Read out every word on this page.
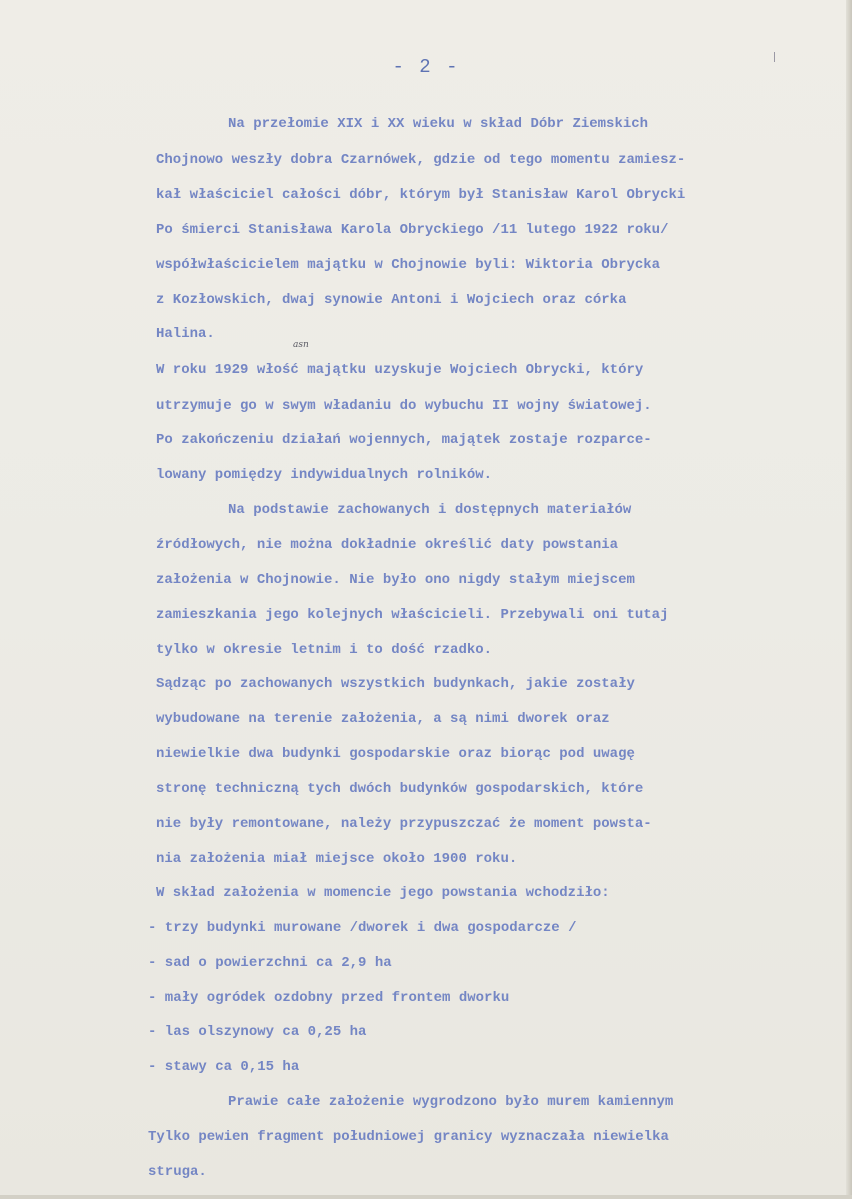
- 2 -
asn
Na przełomie XIX i XX wieku w skład Dóbr Ziemskich
Chojnowo weszły dobra Czarnówek, gdzie od tego momentu zamiesz-
kał właściciel całości dóbr, którym był Stanisław Karol Obrycki
Po śmierci Stanisława Karola Obryckiego /11 lutego 1922 roku/
współwłaścicielem majątku w Chojnowie byli: Wiktoria Obrycka
z Kozłowskich, dwaj synowie Antoni i Wojciech oraz córka
Halina.
W roku 1929 włość majątku uzyskuje Wojciech Obrycki, który
utrzymuje go w swym władaniu do wybuchu II wojny światowej.
Po zakończeniu działań wojennych, majątek zostaje rozparce-
lowany pomiędzy indywidualnych rolników.
Na podstawie zachowanych i dostępnych materiałów
źródłowych, nie można dokładnie określić daty powstania
założenia w Chojnowie. Nie było ono nigdy stałym miejscem
zamieszkania jego kolejnych właścicieli. Przebywali oni tutaj
tylko w okresie letnim i to dość rzadko.
Sądząc po zachowanych wszystkich budynkach, jakie zostały
wybudowane na terenie założenia, a są nimi dworek oraz
niewielkie dwa budynki gospodarskie oraz biorąc pod uwagę
stronę techniczną tych dwóch budynków gospodarskich, które
nie były remontowane, należy przypuszczać że moment powsta-
nia założenia miał miejsce około 1900 roku.
W skład założenia w momencie jego powstania wchodziło:
- trzy budynki murowane /dworek i dwa gospodarcze /
- sad o powierzchni ca 2,9 ha
- mały ogródek ozdobny przed frontem dworku
- las olszynowy ca 0,25 ha
- stawy ca 0,15 ha
Prawie całe założenie wygrodzono było murem kamiennym
Tylko pewien fragment południowej granicy wyznaczała niewielka
struga.
